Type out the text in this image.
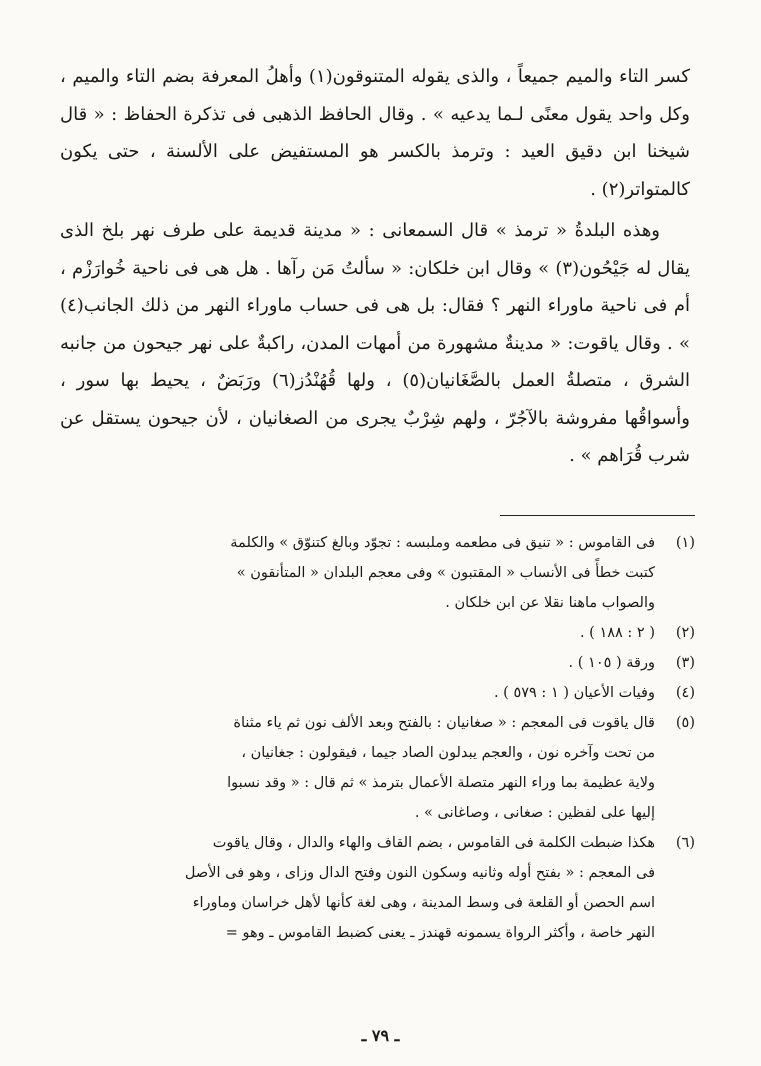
كسر التاء والميم جميعاً ، والذى يقوله المتنوقون(١) وأهلُ المعرفة بضم التاء والميم ، وكل واحد يقول معنًى لـما يدعيه » . وقال الحافظ الذهبى فى تذكرة الحفاظ : « قال شيخنا ابن دقيق العيد : وترمذ بالكسر هو المستفيض على الألسنة ، حتى يكون كالمتواتر(٢) .

وهذه البلدةُ « ترمذ » قال السمعانى : « مدينة قديمة على طرف نهر بلخ الذى يقال له جَيْحُون(٣) » وقال ابن خلكان: « سألتُ مَن رآها . هل هى فى ناحية خُوارَزْم ، أم فى ناحية ماوراء النهر ؟ فقال: بل هى فى حساب ماوراء النهر من ذلك الجانب(٤) » . وقال ياقوت: « مدينةٌ مشهورة من أمهات المدن، راكبةٌ على نهر جيحون من جانبه الشرق ، متصلةُ العمل بالصَّغَانيان(٥) ، ولها قُهُنْدُز(٦) ورَبَضٌ ، يحيط بها سور ، وأسواقُها مفروشة بالآجُرّ ، ولهم شِرْبٌ يجرى من الصغانيان ، لأن جيحون يستقل عن شرب قُرَاهم » .

(١)
فى القاموس : « تنيق فى مطعمه وملبسه : تجوّد وبالغ كتنوّق » والكلمة
كتبت خطأً فى الأنساب « المقتبون » وفى معجم البلدان « المتأنقون »
والصواب ماهنا نقلا عن ابن خلكان .
(٢)
( ٢ : ١٨٨ ) .
(٣)
ورقة ( ١٠٥ ) .
(٤)
وفيات الأعيان ( ١ : ٥٧٩ ) .
(٥)
قال ياقوت فى المعجم : « صغانيان : بالفتح وبعد الألف نون ثم ياء مثناة
من تحت وآخره نون ، والعجم يبدلون الصاد جيما ، فيقولون : جغانيان ،
ولاية عظيمة بما وراء النهر متصلة الأعمال بترمذ » ثم قال : « وقد نسبوا
إليها على لفظين : صغانى ، وصاغانى » .
(٦)
هكذا ضبطت الكلمة فى القاموس ، بضم القاف والهاء والدال ، وقال ياقوت
فى المعجم : « بفتح أوله وثانيه وسكون النون وفتح الدال وزاى ، وهو فى الأصل
اسم الحصن أو القلعة فى وسط المدينة ، وهى لغة كأنها لأهل خراسان وماوراء
النهر خاصة ، وأكثر الرواة يسمونه قهندز ـ يعنى كضبط القاموس ـ وهو =
ـ ٧٩ ـ
